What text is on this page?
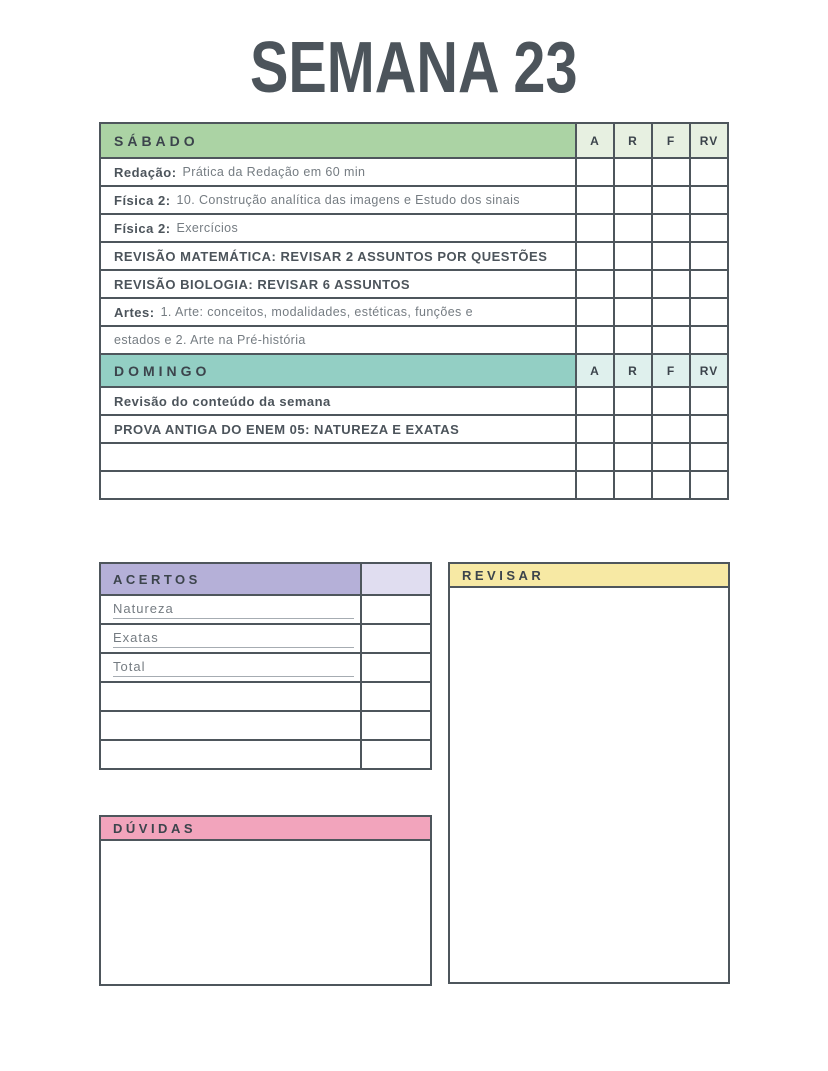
SEMANA 23
SÁBADO	A	R	F	RV
Redação: Prática da Redação em 60 min
Física 2: 10. Construção analítica das imagens e Estudo dos sinais
Física 2: Exercícios
REVISÃO MATEMÁTICA: REVISAR 2 ASSUNTOS POR QUESTÕES
REVISÃO BIOLOGIA: REVISAR 6 ASSUNTOS
Artes: 1. Arte: conceitos, modalidades, estéticas, funções e
estados e 2. Arte na Pré-história
DOMINGO	A	R	F	RV
Revisão do conteúdo da semana
PROVA ANTIGA DO ENEM 05: NATUREZA E EXATAS
ACERTOS
Natureza
Exatas
Total
REVISAR
DÚVIDAS
